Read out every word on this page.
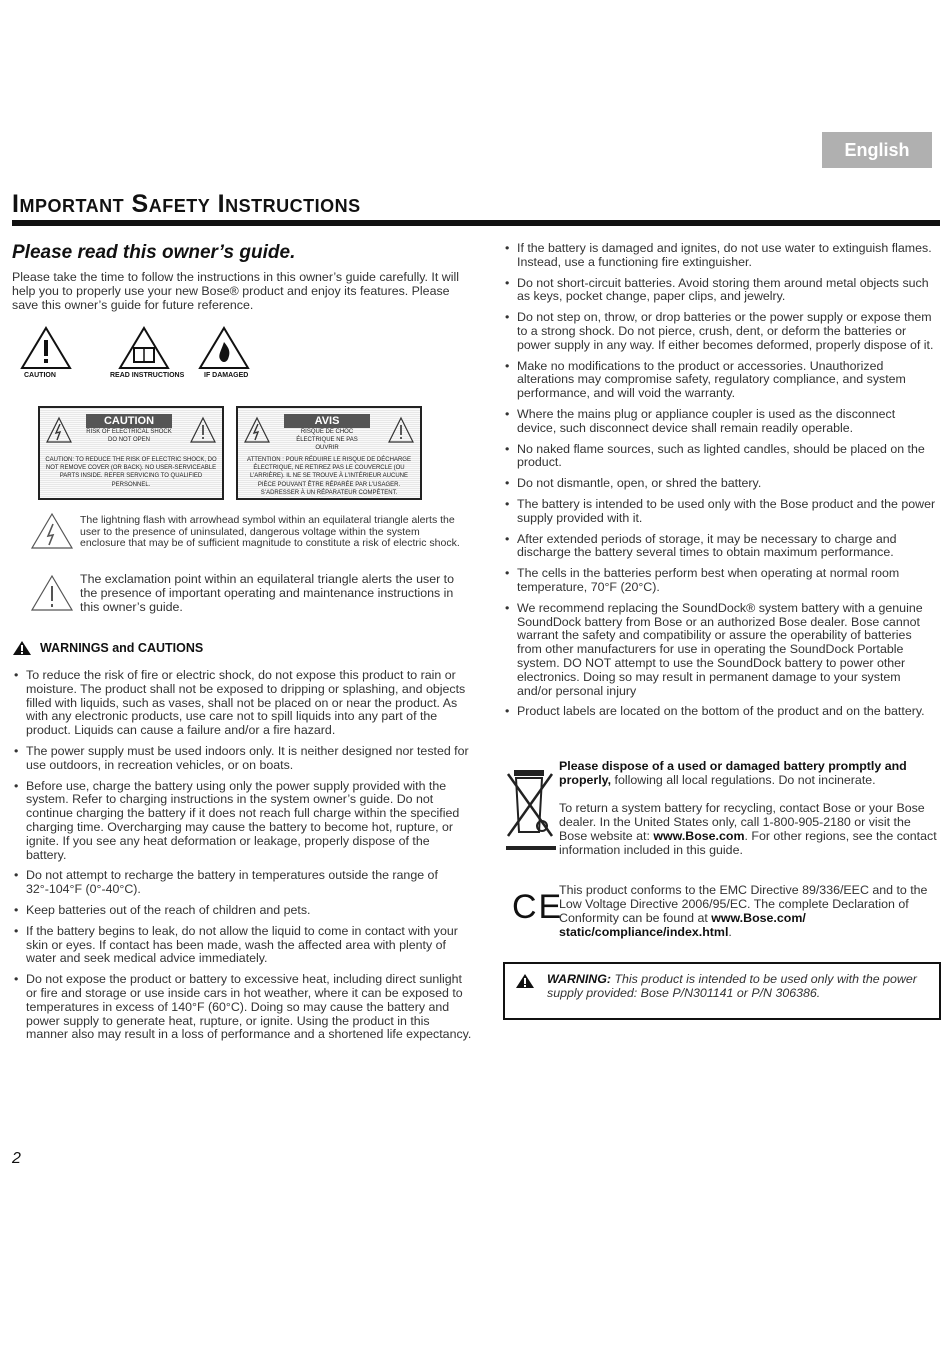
English
Important Safety Instructions
Please read this owner’s guide.
Please take the time to follow the instructions in this owner’s guide carefully. It will help you to properly use your new Bose® product and enjoy its features. Please save this owner’s guide for future reference.
CAUTION	READ INSTRUCTIONS	IF DAMAGED
CAUTION
RISK OF ELECTRICAL SHOCK DO NOT OPEN
CAUTION: TO REDUCE THE RISK OF ELECTRIC SHOCK, DO NOT REMOVE COVER (OR BACK). NO USER-SERVICEABLE PARTS INSIDE. REFER SERVICING TO QUALIFIED PERSONNEL.
AVIS
RISQUE DE CHOC ÉLECTRIQUE NE PAS OUVRIR
ATTENTION : POUR RÉDUIRE LE RISQUE DE DÉCHARGE ÉLECTRIQUE, NE RETIREZ PAS LE COUVERCLE (OU L’ARRIÈRE). IL NE SE TROUVE À L’INTÉRIEUR AUCUNE PIÈCE POUVANT ÊTRE RÉPARÉE PAR L’USAGER. S’ADRESSER À UN RÉPARATEUR COMPÉTENT.
The lightning flash with arrowhead symbol within an equilateral triangle alerts the user to the presence of uninsulated, dangerous voltage within the system enclosure that may be of sufficient magnitude to constitute a risk of electric shock.
The exclamation point within an equilateral triangle alerts the user to the presence of important operating and maintenance instructions in this owner’s guide.
WARNINGS and CAUTIONS
• To reduce the risk of fire or electric shock, do not expose this product to rain or moisture. The product shall not be exposed to dripping or splashing, and objects filled with liquids, such as vases, shall not be placed on or near the product. As with any electronic products, use care not to spill liquids into any part of the product. Liquids can cause a failure and/or a fire hazard.
• The power supply must be used indoors only. It is neither designed nor tested for use outdoors, in recreation vehicles, or on boats.
• Before use, charge the battery using only the power supply provided with the system. Refer to charging instructions in the system owner’s guide. Do not continue charging the battery if it does not reach full charge within the specified charging time. Overcharging may cause the battery to become hot, rupture, or ignite. If you see any heat deformation or leakage, properly dispose of the battery.
• Do not attempt to recharge the battery in temperatures outside the range of 32°-104°F (0°-40°C).
• Keep batteries out of the reach of children and pets.
• If the battery begins to leak, do not allow the liquid to come in contact with your skin or eyes. If contact has been made, wash the affected area with plenty of water and seek medical advice immediately.
• Do not expose the product or battery to excessive heat, including direct sunlight or fire and storage or use inside cars in hot weather, where it can be exposed to temperatures in excess of 140°F (60°C). Doing so may cause the battery and power supply to generate heat, rupture, or ignite. Using the product in this manner also may result in a loss of performance and a shortened life expectancy.
• If the battery is damaged and ignites, do not use water to extinguish flames. Instead, use a functioning fire extinguisher.
• Do not short-circuit batteries. Avoid storing them around metal objects such as keys, pocket change, paper clips, and jewelry.
• Do not step on, throw, or drop batteries or the power supply or expose them to a strong shock. Do not pierce, crush, dent, or deform the batteries or power supply in any way. If either becomes deformed, properly dispose of it.
• Make no modifications to the product or accessories. Unauthorized alterations may compromise safety, regulatory compliance, and system performance, and will void the warranty.
• Where the mains plug or appliance coupler is used as the disconnect device, such disconnect device shall remain readily operable.
• No naked flame sources, such as lighted candles, should be placed on the product.
• Do not dismantle, open, or shred the battery.
• The battery is intended to be used only with the Bose product and the power supply provided with it.
• After extended periods of storage, it may be necessary to charge and discharge the battery several times to obtain maximum performance.
• The cells in the batteries perform best when operating at normal room temperature, 70°F (20°C).
• We recommend replacing the SoundDock® system battery with a genuine SoundDock battery from Bose or an authorized Bose dealer. Bose cannot warrant the safety and compatibility or assure the operability of batteries from other manufacturers for use in operating the SoundDock Portable system. DO NOT attempt to use the SoundDock battery to power other electronics. Doing so may result in permanent damage to your system and/or personal injury
• Product labels are located on the bottom of the product and on the battery.
Please dispose of a used or damaged battery promptly and properly, following all local regulations. Do not incinerate.
To return a system battery for recycling, contact Bose or your Bose dealer. In the United States only, call 1-800-905-2180 or visit the Bose website at: www.Bose.com. For other regions, see the contact information included in this guide.
CE
This product conforms to the EMC Directive 89/336/EEC and to the Low Voltage Directive 2006/95/EC. The complete Declaration of Conformity can be found at www.Bose.com/ static/compliance/index.html.
WARNING: This product is intended to be used only with the power supply provided: Bose P/N301141 or P/N 306386.
2
